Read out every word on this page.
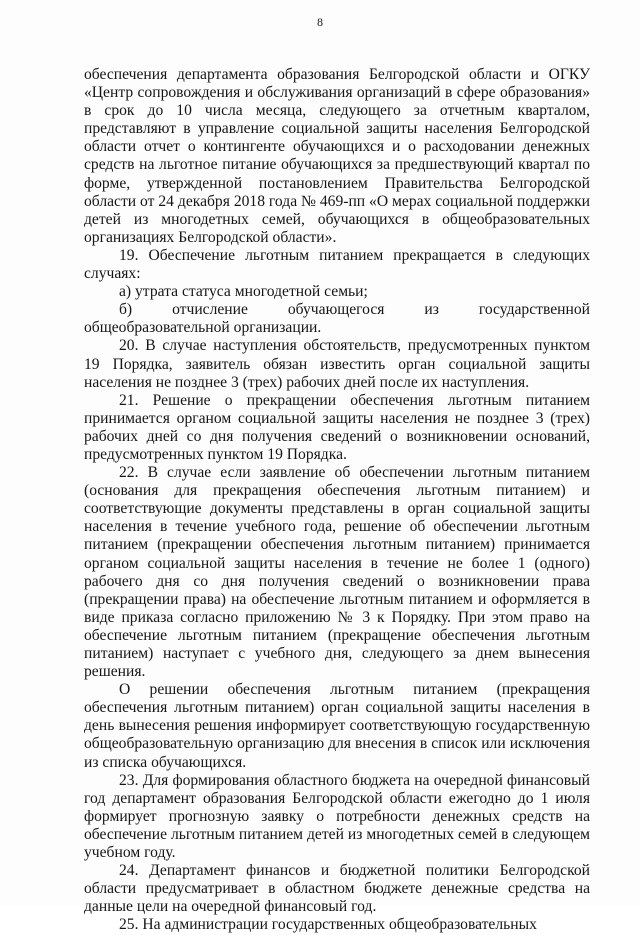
8

обеспечения департамента образования Белгородской области и ОГКУ «Центр сопровождения и обслуживания организаций в сфере образования» в срок до 10 числа месяца, следующего за отчетным кварталом, представляют в управление социальной защиты населения Белгородской области отчет о контингенте обучающихся и о расходовании денежных средств на льготное питание обучающихся за предшествующий квартал по форме, утвержденной постановлением Правительства Белгородской области от 24 декабря 2018 года № 469-пп «О мерах социальной поддержки детей из многодетных семей, обучающихся в общеобразовательных организациях Белгородской области».

19. Обеспечение льготным питанием прекращается в следующих случаях:

а) утрата статуса многодетной семьи;

б) отчисление обучающегося из государственной общеобразовательной организации.

20. В случае наступления обстоятельств, предусмотренных пунктом 19 Порядка, заявитель обязан известить орган социальной защиты населения не позднее 3 (трех) рабочих дней после их наступления.

21. Решение о прекращении обеспечения льготным питанием принимается органом социальной защиты населения не позднее 3 (трех) рабочих дней со дня получения сведений о возникновении оснований, предусмотренных пунктом 19 Порядка.

22. В случае если заявление об обеспечении льготным питанием (основания для прекращения обеспечения льготным питанием) и соответствующие документы представлены в орган социальной защиты населения в течение учебного года, решение об обеспечении льготным питанием (прекращении обеспечения льготным питанием) принимается органом социальной защиты населения в течение не более 1 (одного) рабочего дня со дня получения сведений о возникновении права (прекращении права) на обеспечение льготным питанием и оформляется в виде приказа согласно приложению № 3 к Порядку. При этом право на обеспечение льготным питанием (прекращение обеспечения льготным питанием) наступает с учебного дня, следующего за днем вынесения решения.

О решении обеспечения льготным питанием (прекращения обеспечения льготным питанием) орган социальной защиты населения в день вынесения решения информирует соответствующую государственную общеобразовательную организацию для внесения в список или исключения из списка обучающихся.

23. Для формирования областного бюджета на очередной финансовый год департамент образования Белгородской области ежегодно до 1 июля формирует прогнозную заявку о потребности денежных средств на обеспечение льготным питанием детей из многодетных семей в следующем учебном году.

24. Департамент финансов и бюджетной политики Белгородской области предусматривает в областном бюджете денежные средства на данные цели на очередной финансовый год.

25. На администрации государственных общеобразовательных
